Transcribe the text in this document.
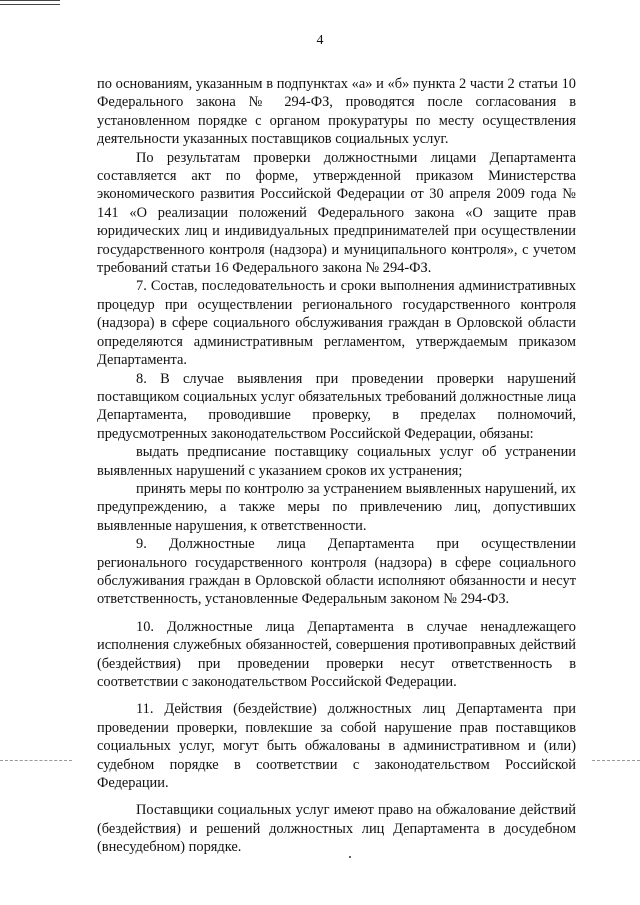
4

по основаниям, указанным в подпунктах «а» и «б» пункта 2 части 2 статьи 10 Федерального закона № 294-ФЗ, проводятся после согласования в установленном порядке с органом прокуратуры по месту осуществления деятельности указанных поставщиков социальных услуг.

По результатам проверки должностными лицами Департамента составляется акт по форме, утвержденной приказом Министерства экономического развития Российской Федерации от 30 апреля 2009 года № 141 «О реализации положений Федерального закона «О защите прав юридических лиц и индивидуальных предпринимателей при осуществлении государственного контроля (надзора) и муниципального контроля», с учетом требований статьи 16 Федерального закона № 294-ФЗ.

7. Состав, последовательность и сроки выполнения административных процедур при осуществлении регионального государственного контроля (надзора) в сфере социального обслуживания граждан в Орловской области определяются административным регламентом, утверждаемым приказом Департамента.

8. В случае выявления при проведении проверки нарушений поставщиком социальных услуг обязательных требований должностные лица Департамента, проводившие проверку, в пределах полномочий, предусмотренных законодательством Российской Федерации, обязаны:

выдать предписание поставщику социальных услуг об устранении выявленных нарушений с указанием сроков их устранения;

принять меры по контролю за устранением выявленных нарушений, их предупреждению, а также меры по привлечению лиц, допустивших выявленные нарушения, к ответственности.

9. Должностные лица Департамента при осуществлении регионального государственного контроля (надзора) в сфере социального обслуживания граждан в Орловской области исполняют обязанности и несут ответственность, установленные Федеральным законом № 294-ФЗ.

10. Должностные лица Департамента в случае ненадлежащего исполнения служебных обязанностей, совершения противоправных действий (бездействия) при проведении проверки несут ответственность в соответствии с законодательством Российской Федерации.

11. Действия (бездействие) должностных лиц Департамента при проведении проверки, повлекшие за собой нарушение прав поставщиков социальных услуг, могут быть обжалованы в административном и (или) судебном порядке в соответствии с законодательством Российской Федерации.

Поставщики социальных услуг имеют право на обжалование действий (бездействия) и решений должностных лиц Департамента в досудебном (внесудебном) порядке.
